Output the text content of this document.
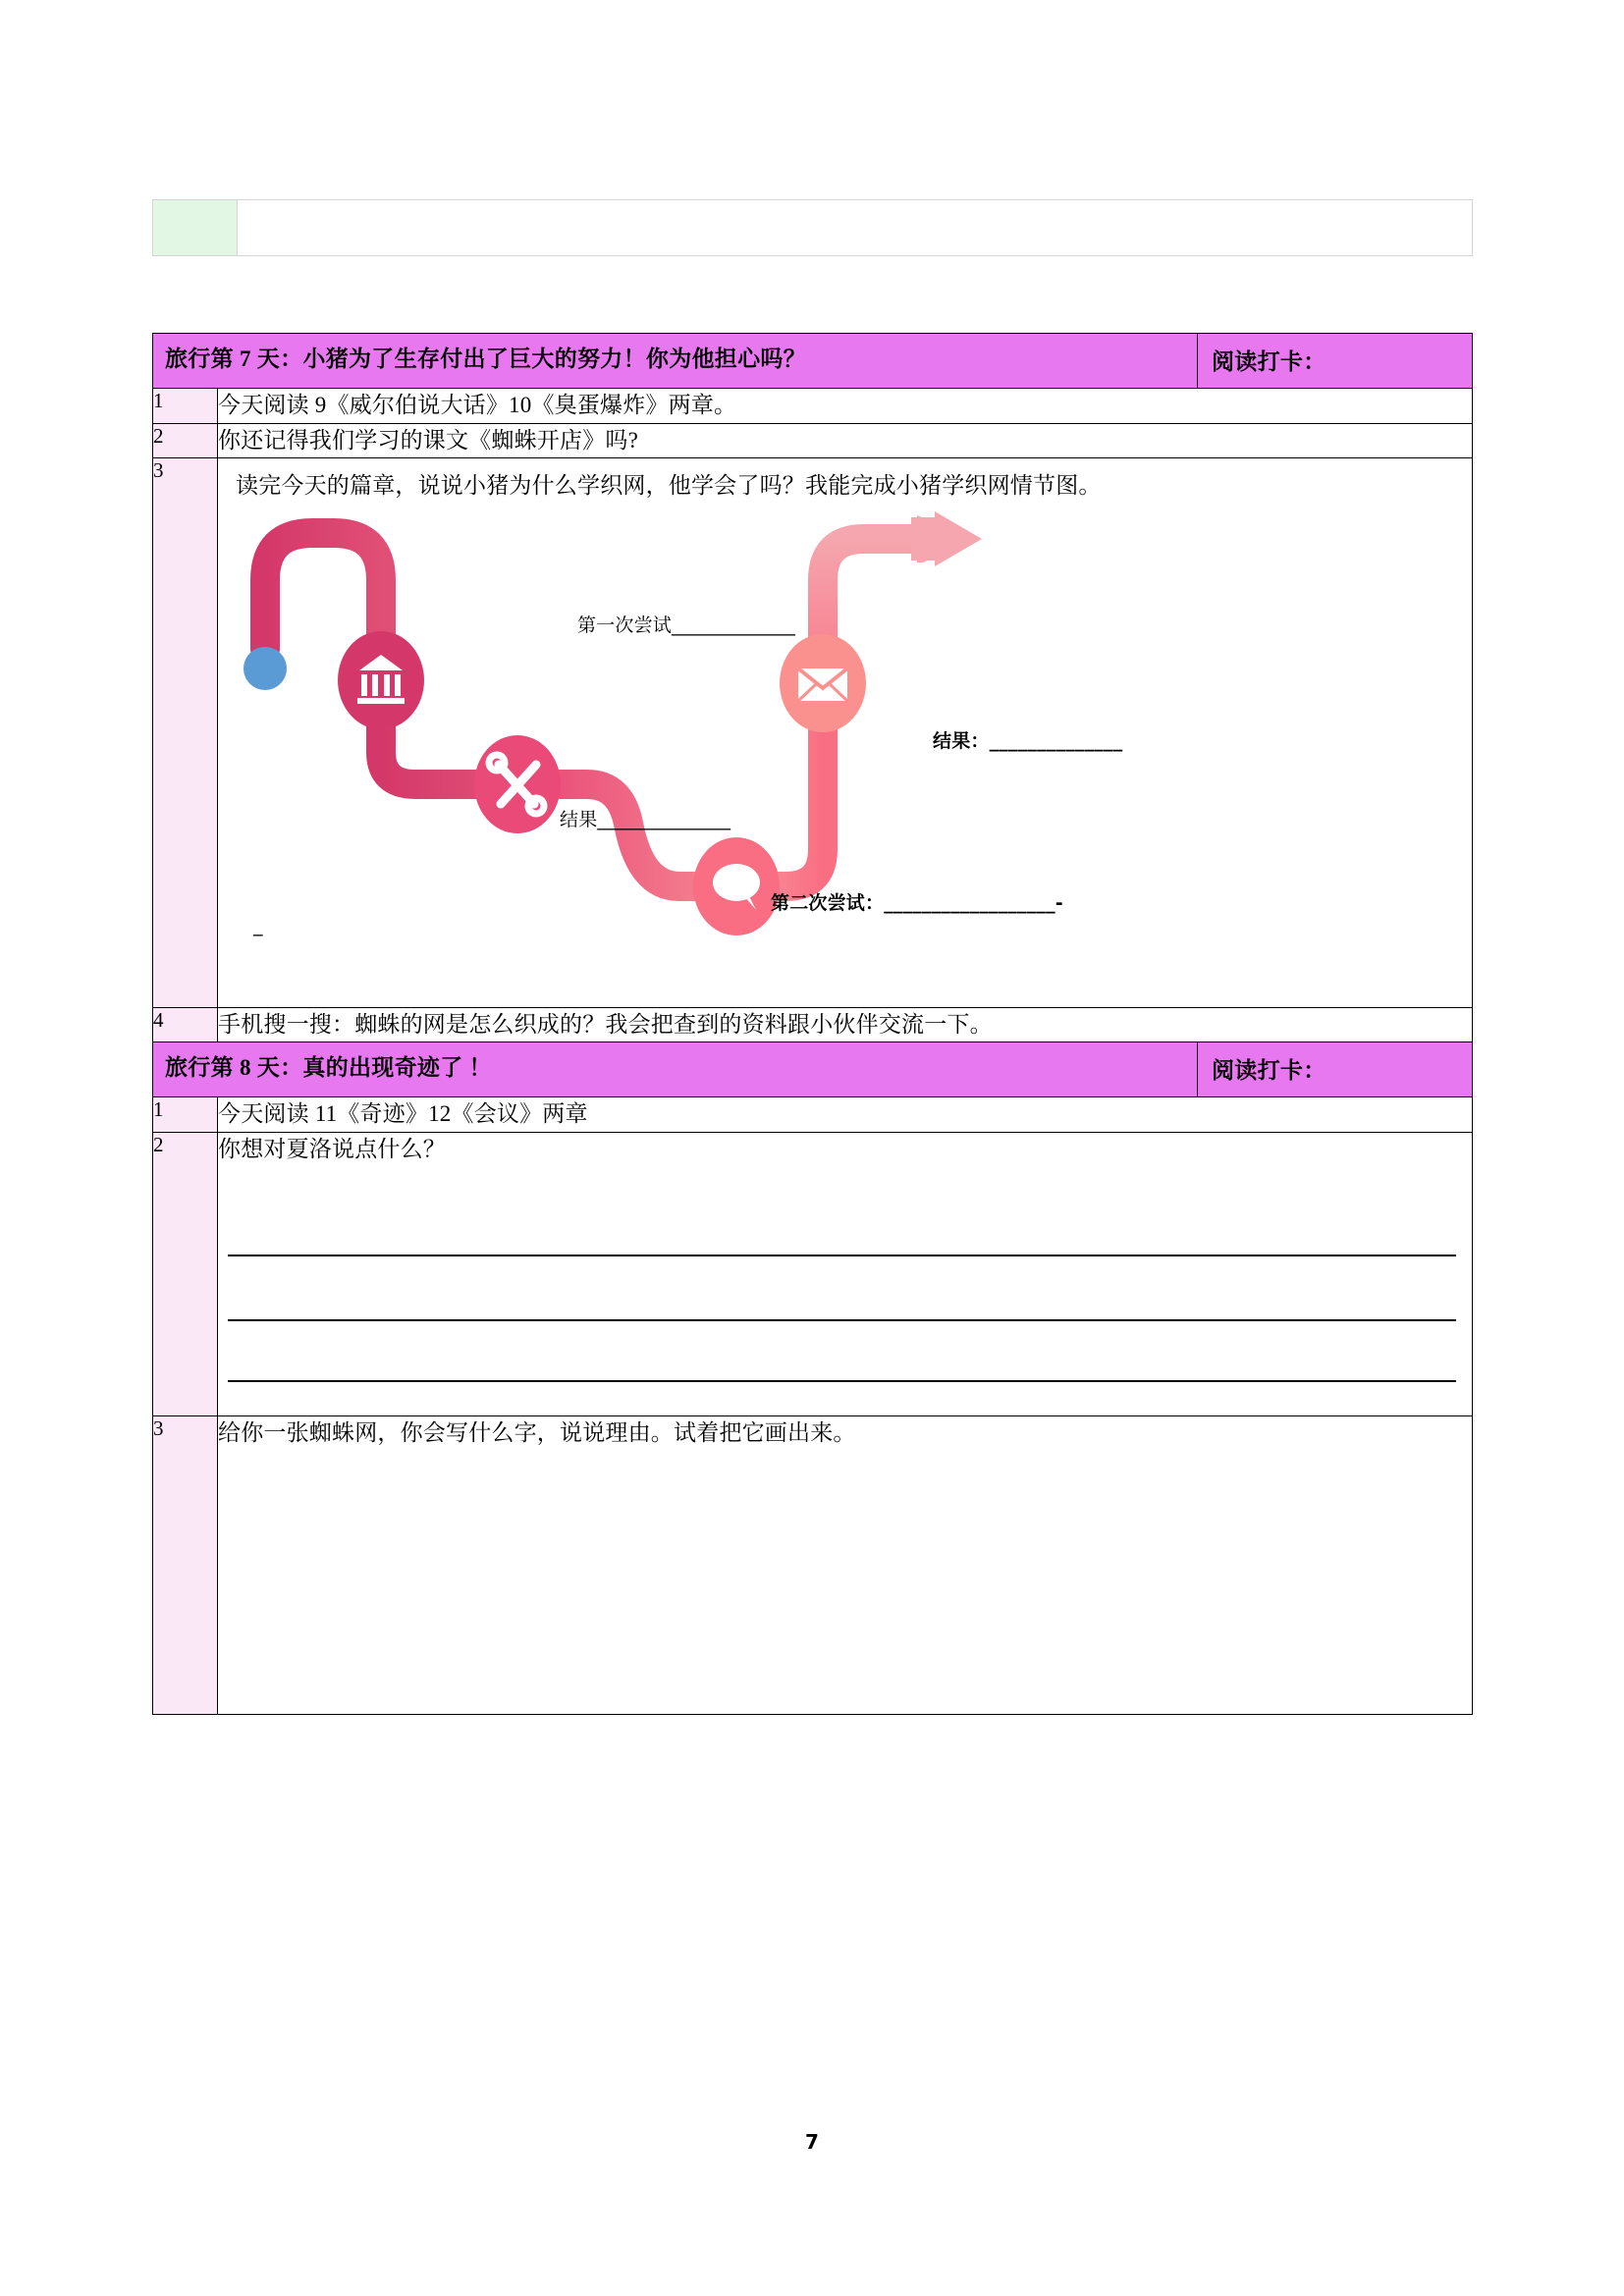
旅行第 7 天：小猪为了生存付出了巨大的努力！你为他担心吗？		阅读打卡：
1	今天阅读 9《威尔伯说大话》10《臭蛋爆炸》两章。	
2	你还记得我们学习的课文《蜘蛛开店》吗?	
3	
读完今天的篇章，说说小猪为什么学织网，他学会了吗？我能完成小猪学织网情节图。
第一次尝试_____________
结果______________
第二次尝试：__________________-
结果：______________
_

4	手机搜一搜：蜘蛛的网是怎么织成的？我会把查到的资料跟小伙伴交流一下。	
旅行第 8 天：真的出现奇迹了 ！		阅读打卡：
1	今天阅读 11《奇迹》12《会议》两章	
2	你想对夏洛说点什么？	

3	给你一张蜘蛛网，你会写什么字，说说理由。试着把它画出来。	
7
